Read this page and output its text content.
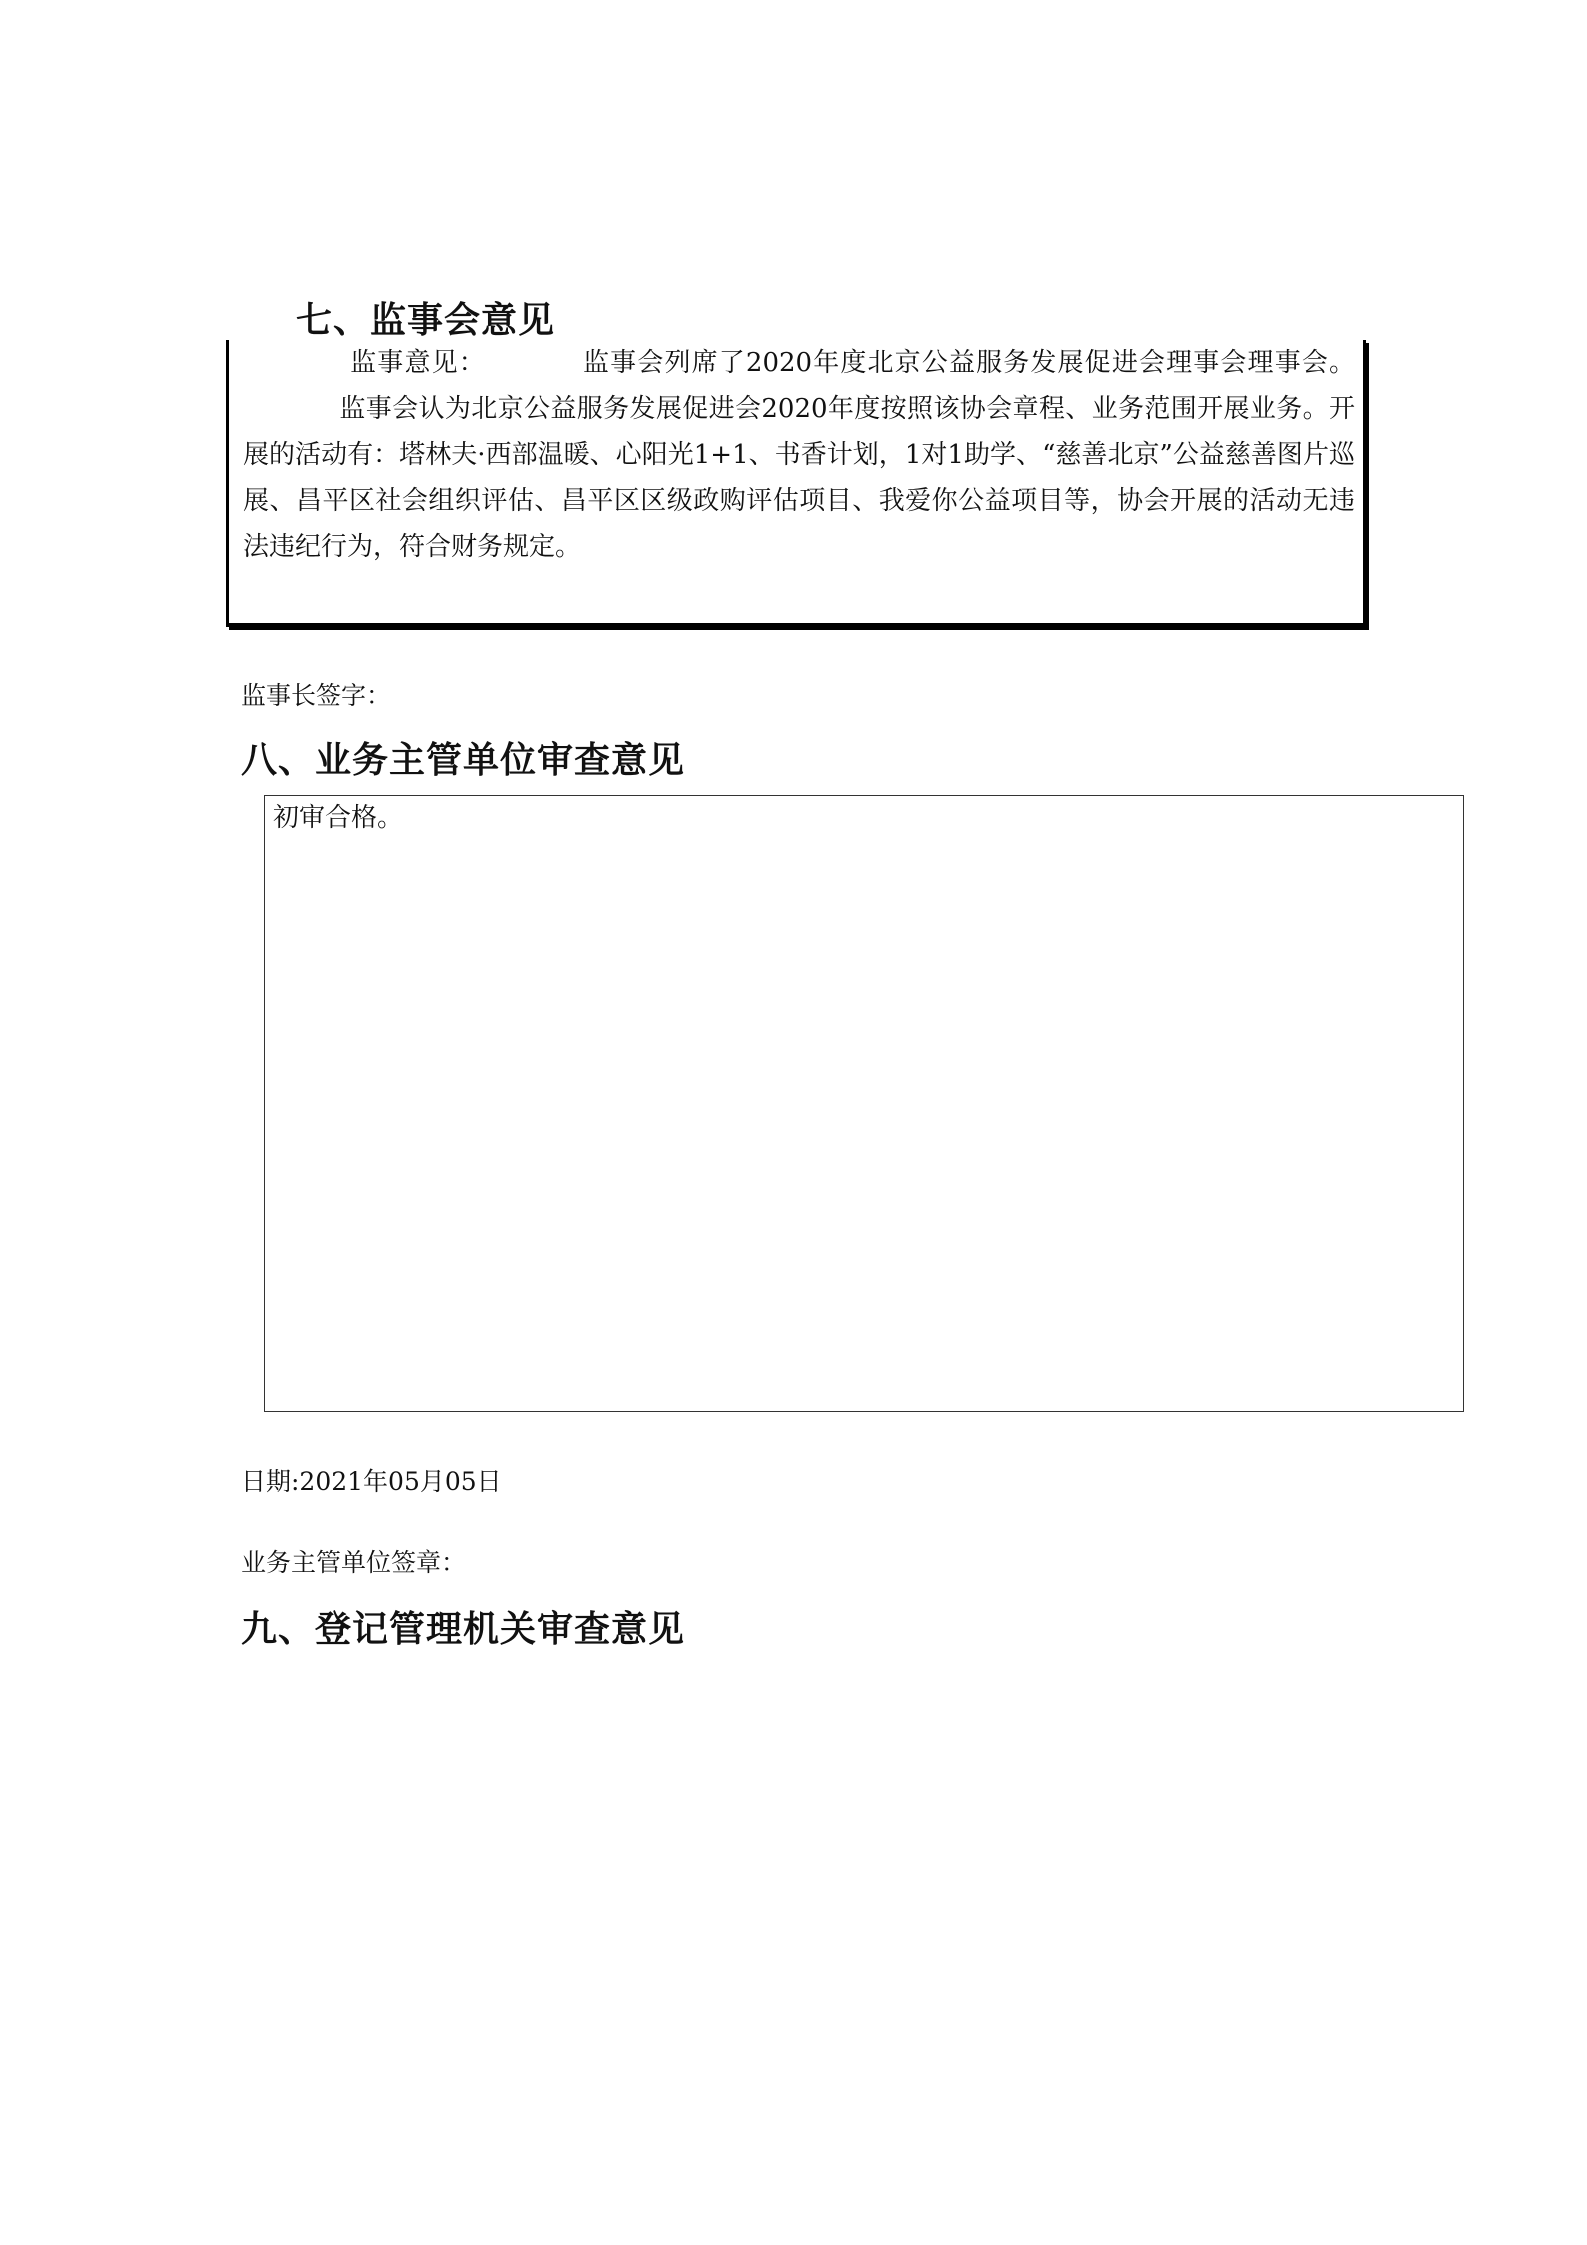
七、监事会意见
监事意见：	监事会列席了2020年度北京公益服务发展促进会理事会理事会。监事会认为北京公益服务发展促进会2020年度按照该协会章程、业务范围开展业务。开展的活动有：塔林夫·西部温暖、心阳光1+1、书香计划，1对1助学、“慈善北京”公益慈善图片巡展、昌平区社会组织评估、昌平区区级政购评估项目、我爱你公益项目等，协会开展的活动无违法违纪行为，符合财务规定。
监事长签字：
八、业务主管单位审查意见
初审合格。
日期:2021年05月05日
业务主管单位签章：
九、登记管理机关审查意见
